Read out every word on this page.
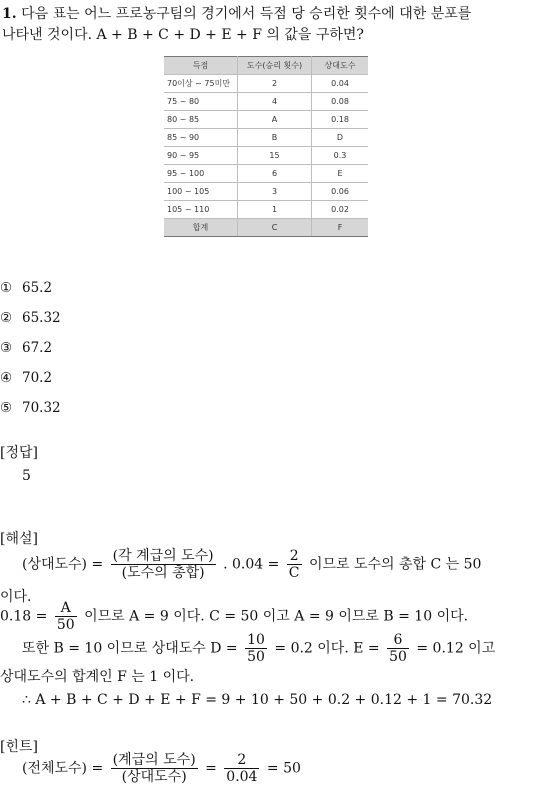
1. 다음 표는 어느 프로농구팀의 경기에서 득점 당 승리한 횟수에 대한 분포를
나타낸 것이다. A + B + C + D + E + F 의 값을 구하면?
득점	도수(승리 횟수)	상대도수
70이상 ~ 75미만	2	0.04
75 ~ 80	4	0.08
80 ~ 85	A	0.18
85 ~ 90	B	D
90 ~ 95	15	0.3
95 ~ 100	6	E
100 ~ 105	3	0.06
105 ~ 110	1	0.02
합계	C	F
① 65.2
② 65.32
③ 67.2
④ 70.2
⑤ 70.32
[정답]
5
[해설]
(상대도수) = $\frac{\text{(각 계급의 도수)}}{\text{(도수의 총합)}}$ . $0.04 = \frac{2}{C}$ 이므로 도수의 총합 C 는 50
이다.
$0.18 = \frac{A}{50}$ 이므로 A = 9 이다. C = 50 이고 A = 9 이므로 B = 10 이다.
또한 B = 10 이므로 상대도수 $D = \frac{10}{50} = 0.2$ 이다. $E = \frac{6}{50} = 0.12$ 이고
상대도수의 합계인 F 는 1 이다.
∴ A + B + C + D + E + F = 9 + 10 + 50 + 0.2 + 0.12 + 1 = 70.32
[힌트]
(전체도수) = $\frac{\text{(계급의 도수)}}{\text{(상대도수)}} = \frac{2}{0.04} = 50$
